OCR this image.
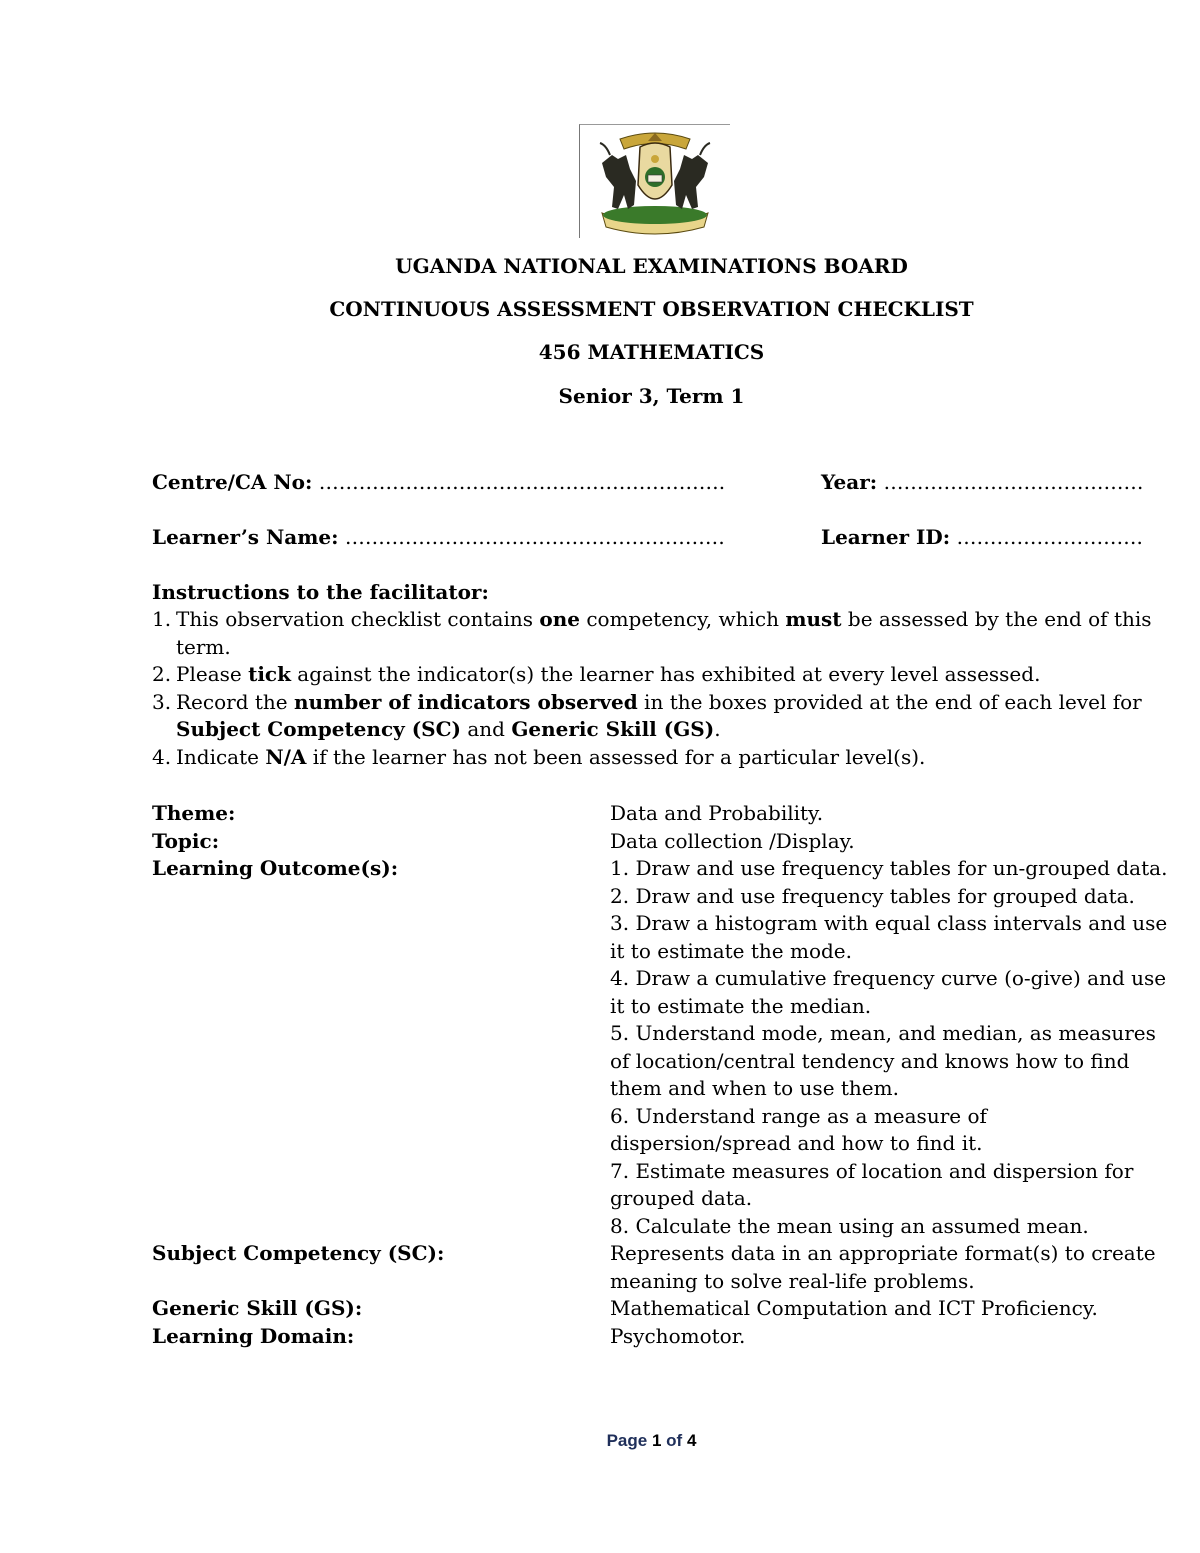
UGANDA NATIONAL EXAMINATIONS BOARD
CONTINUOUS ASSESSMENT OBSERVATION CHECKLIST
456 MATHEMATICS
Senior 3, Term 1
Centre/CA No: …………………………………………………….	Year: …………………………………
Learner’s Name: …………………………………………………	Learner ID: ……………………….
Instructions to the facilitator:
1. This observation checklist contains one competency, which must be assessed by the end of this term.
2. Please tick against the indicator(s) the learner has exhibited at every level assessed.
3. Record the number of indicators observed in the boxes provided at the end of each level for Subject Competency (SC) and Generic Skill (GS).
4. Indicate N/A if the learner has not been assessed for a particular level(s).
Theme:	Data and Probability.
Topic:	Data collection /Display.
Learning Outcome(s):	1. Draw and use frequency tables for un-grouped data.
2. Draw and use frequency tables for grouped data.
3. Draw a histogram with equal class intervals and use it to estimate the mode.
4. Draw a cumulative frequency curve (o-give) and use it to estimate the median.
5. Understand mode, mean, and median, as measures of location/central tendency and knows how to find them and when to use them.
6. Understand range as a measure of dispersion/spread and how to find it.
7. Estimate measures of location and dispersion for grouped data.
8. Calculate the mean using an assumed mean.
Subject Competency (SC):	Represents data in an appropriate format(s) to create meaning to solve real-life problems.
Generic Skill (GS):	Mathematical Computation and ICT Proficiency.
Learning Domain:	Psychomotor.
Page 1 of 4
